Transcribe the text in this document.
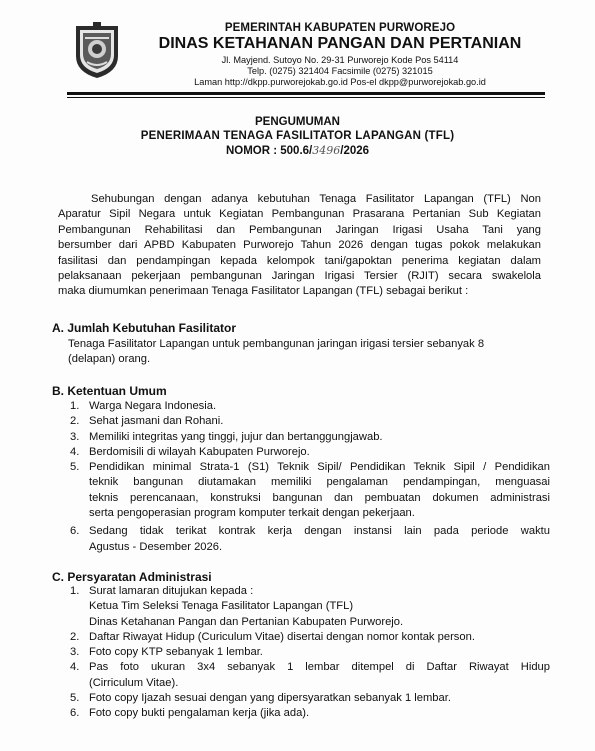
PEMERINTAH KABUPATEN PURWOREJO
DINAS KETAHANAN PANGAN DAN PERTANIAN
Jl. Mayjend. Sutoyo No. 29-31 Purworejo Kode Pos 54114
Telp. (0275) 321404 Facsimile (0275) 321015
Laman http://dkpp.purworejokab.go.id Pos-el dkpp@purworejokab.go.id
PENGUMUMAN
PENERIMAAN TENAGA FASILITATOR LAPANGAN (TFL)
NOMOR : 500.6/3496/2026
Sehubungan dengan adanya kebutuhan Tenaga Fasilitator Lapangan (TFL) Non
Aparatur Sipil Negara untuk Kegiatan Pembangunan Prasarana Pertanian Sub Kegiatan
Pembangunan Rehabilitasi dan Pembangunan Jaringan Irigasi Usaha Tani yang
bersumber dari APBD Kabupaten Purworejo Tahun 2026 dengan tugas pokok melakukan
fasilitasi dan pendampingan kepada kelompok tani/gapoktan penerima kegiatan dalam
pelaksanaan pekerjaan pembangunan Jaringan Irigasi Tersier (RJIT) secara swakelola
maka diumumkan penerimaan Tenaga Fasilitator Lapangan (TFL) sebagai berikut :
A. Jumlah Kebutuhan Fasilitator
Tenaga Fasilitator Lapangan untuk pembangunan jaringan irigasi tersier sebanyak 8
(delapan) orang.
B. Ketentuan Umum
1. Warga Negara Indonesia.
2. Sehat jasmani dan Rohani.
3. Memiliki integritas yang tinggi, jujur dan bertanggungjawab.
4. Berdomisili di wilayah Kabupaten Purworejo.
5. Pendidikan minimal Strata-1 (S1) Teknik Sipil/ Pendidikan Teknik Sipil / Pendidikan
teknik bangunan diutamakan memiliki pengalaman pendampingan, menguasai
teknis perencanaan, konstruksi bangunan dan pembuatan dokumen administrasi
serta pengoperasian program komputer terkait dengan pekerjaan.
6. Sedang tidak terikat kontrak kerja dengan instansi lain pada periode waktu
Agustus - Desember 2026.
C. Persyaratan Administrasi
1. Surat lamaran ditujukan kepada :
Ketua Tim Seleksi Tenaga Fasilitator Lapangan (TFL)
Dinas Ketahanan Pangan dan Pertanian Kabupaten Purworejo.
2. Daftar Riwayat Hidup (Curiculum Vitae) disertai dengan nomor kontak person.
3. Foto copy KTP sebanyak 1 lembar.
4. Pas foto ukuran 3x4 sebanyak 1 lembar ditempel di Daftar Riwayat Hidup
(Cirriculum Vitae).
5. Foto copy Ijazah sesuai dengan yang dipersyaratkan sebanyak 1 lembar.
6. Foto copy bukti pengalaman kerja (jika ada).
